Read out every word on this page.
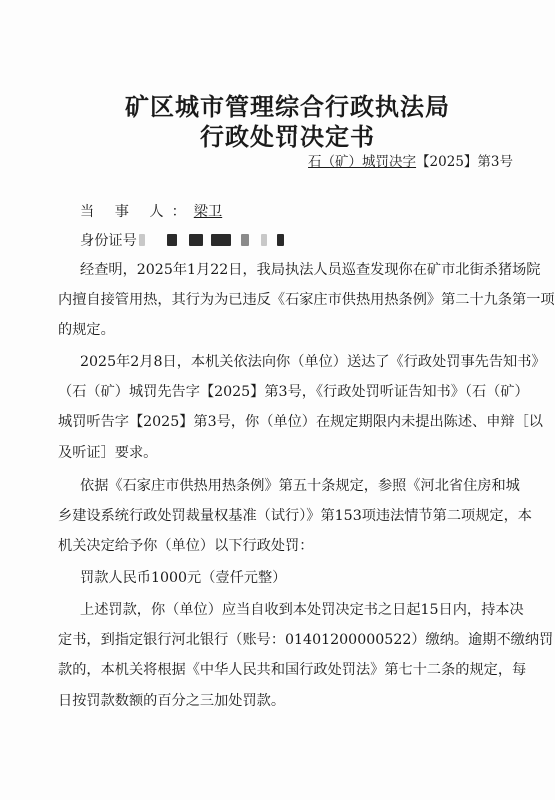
矿区城市管理综合行政执法局
行政处罚决定书
石（矿）城罚决字【2025】第3号
当 事 人：梁卫
身份证号
经查明，2025年1月22日，我局执法人员巡查发现你在矿市北街杀猪场院
内擅自接管用热，其行为为已违反《石家庄市供热用热条例》第二十九条第一项
的规定。
2025年2月8日，本机关依法向你（单位）送达了《行政处罚事先告知书》
（石（矿）城罚先告字【2025】第3号，《行政处罚听证告知书》（石（矿）
城罚听告字【2025】第3号，你（单位）在规定期限内未提出陈述、申辩［以
及听证］要求。
依据《石家庄市供热用热条例》第五十条规定，参照《河北省住房和城
乡建设系统行政处罚裁量权基准（试行）》第153项违法情节第二项规定，本
机关决定给予你（单位）以下行政处罚：
罚款人民币1000元（壹仟元整）
上述罚款，你（单位）应当自收到本处罚决定书之日起15日内，持本决
定书，到指定银行河北银行（账号：01401200000522）缴纳。逾期不缴纳罚
款的，本机关将根据《中华人民共和国行政处罚法》第七十二条的规定，每
日按罚款数额的百分之三加处罚款。
